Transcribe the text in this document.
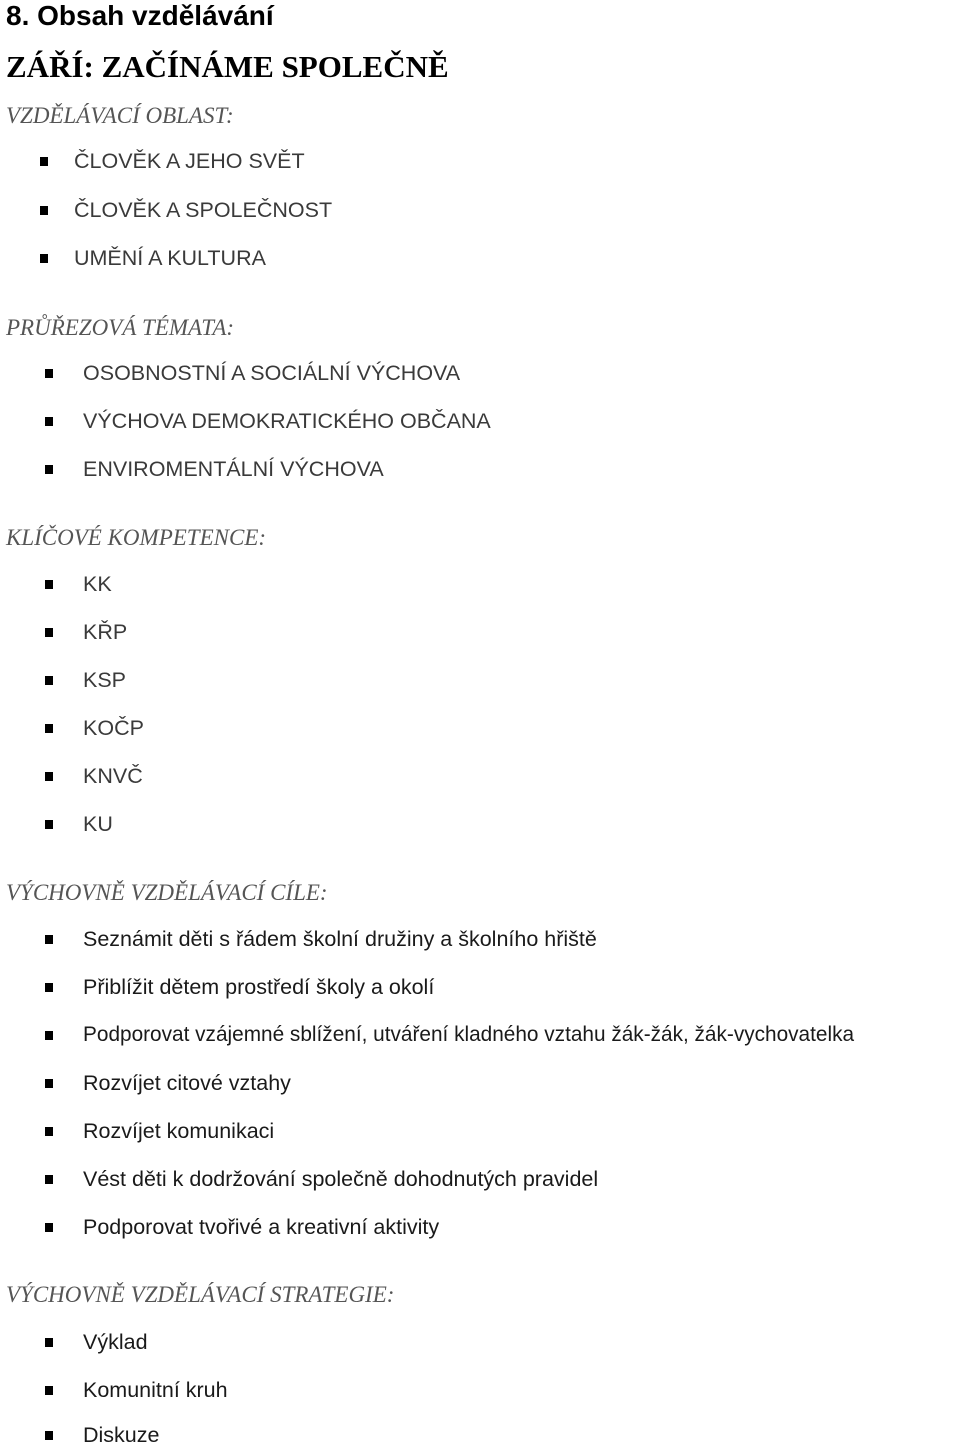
8. Obsah vzdělávání
ZÁŘÍ: ZAČÍNÁME SPOLEČNĚ
VZDĚLÁVACÍ OBLAST:
ČLOVĚK A JEHO SVĚT
ČLOVĚK A SPOLEČNOST
UMĚNÍ A KULTURA
PRŮŘEZOVÁ TÉMATA:
OSOBNOSTNÍ A SOCIÁLNÍ VÝCHOVA
VÝCHOVA DEMOKRATICKÉHO OBČANA
ENVIROMENTÁLNÍ VÝCHOVA
KLÍČOVÉ KOMPETENCE:
KK
KŘP
KSP
KOČP
KNVČ
KU
VÝCHOVNĚ VZDĚLÁVACÍ CÍLE:
Seznámit děti s řádem školní družiny a školního hřiště
Přiblížit dětem prostředí školy a okolí
Podporovat vzájemné sblížení, utváření kladného vztahu žák-žák, žák-vychovatelka
Rozvíjet citové vztahy
Rozvíjet komunikaci
Vést děti k dodržování společně dohodnutých pravidel
Podporovat tvořivé a kreativní aktivity
VÝCHOVNĚ VZDĚLÁVACÍ STRATEGIE:
Výklad
Komunitní kruh
Diskuze
